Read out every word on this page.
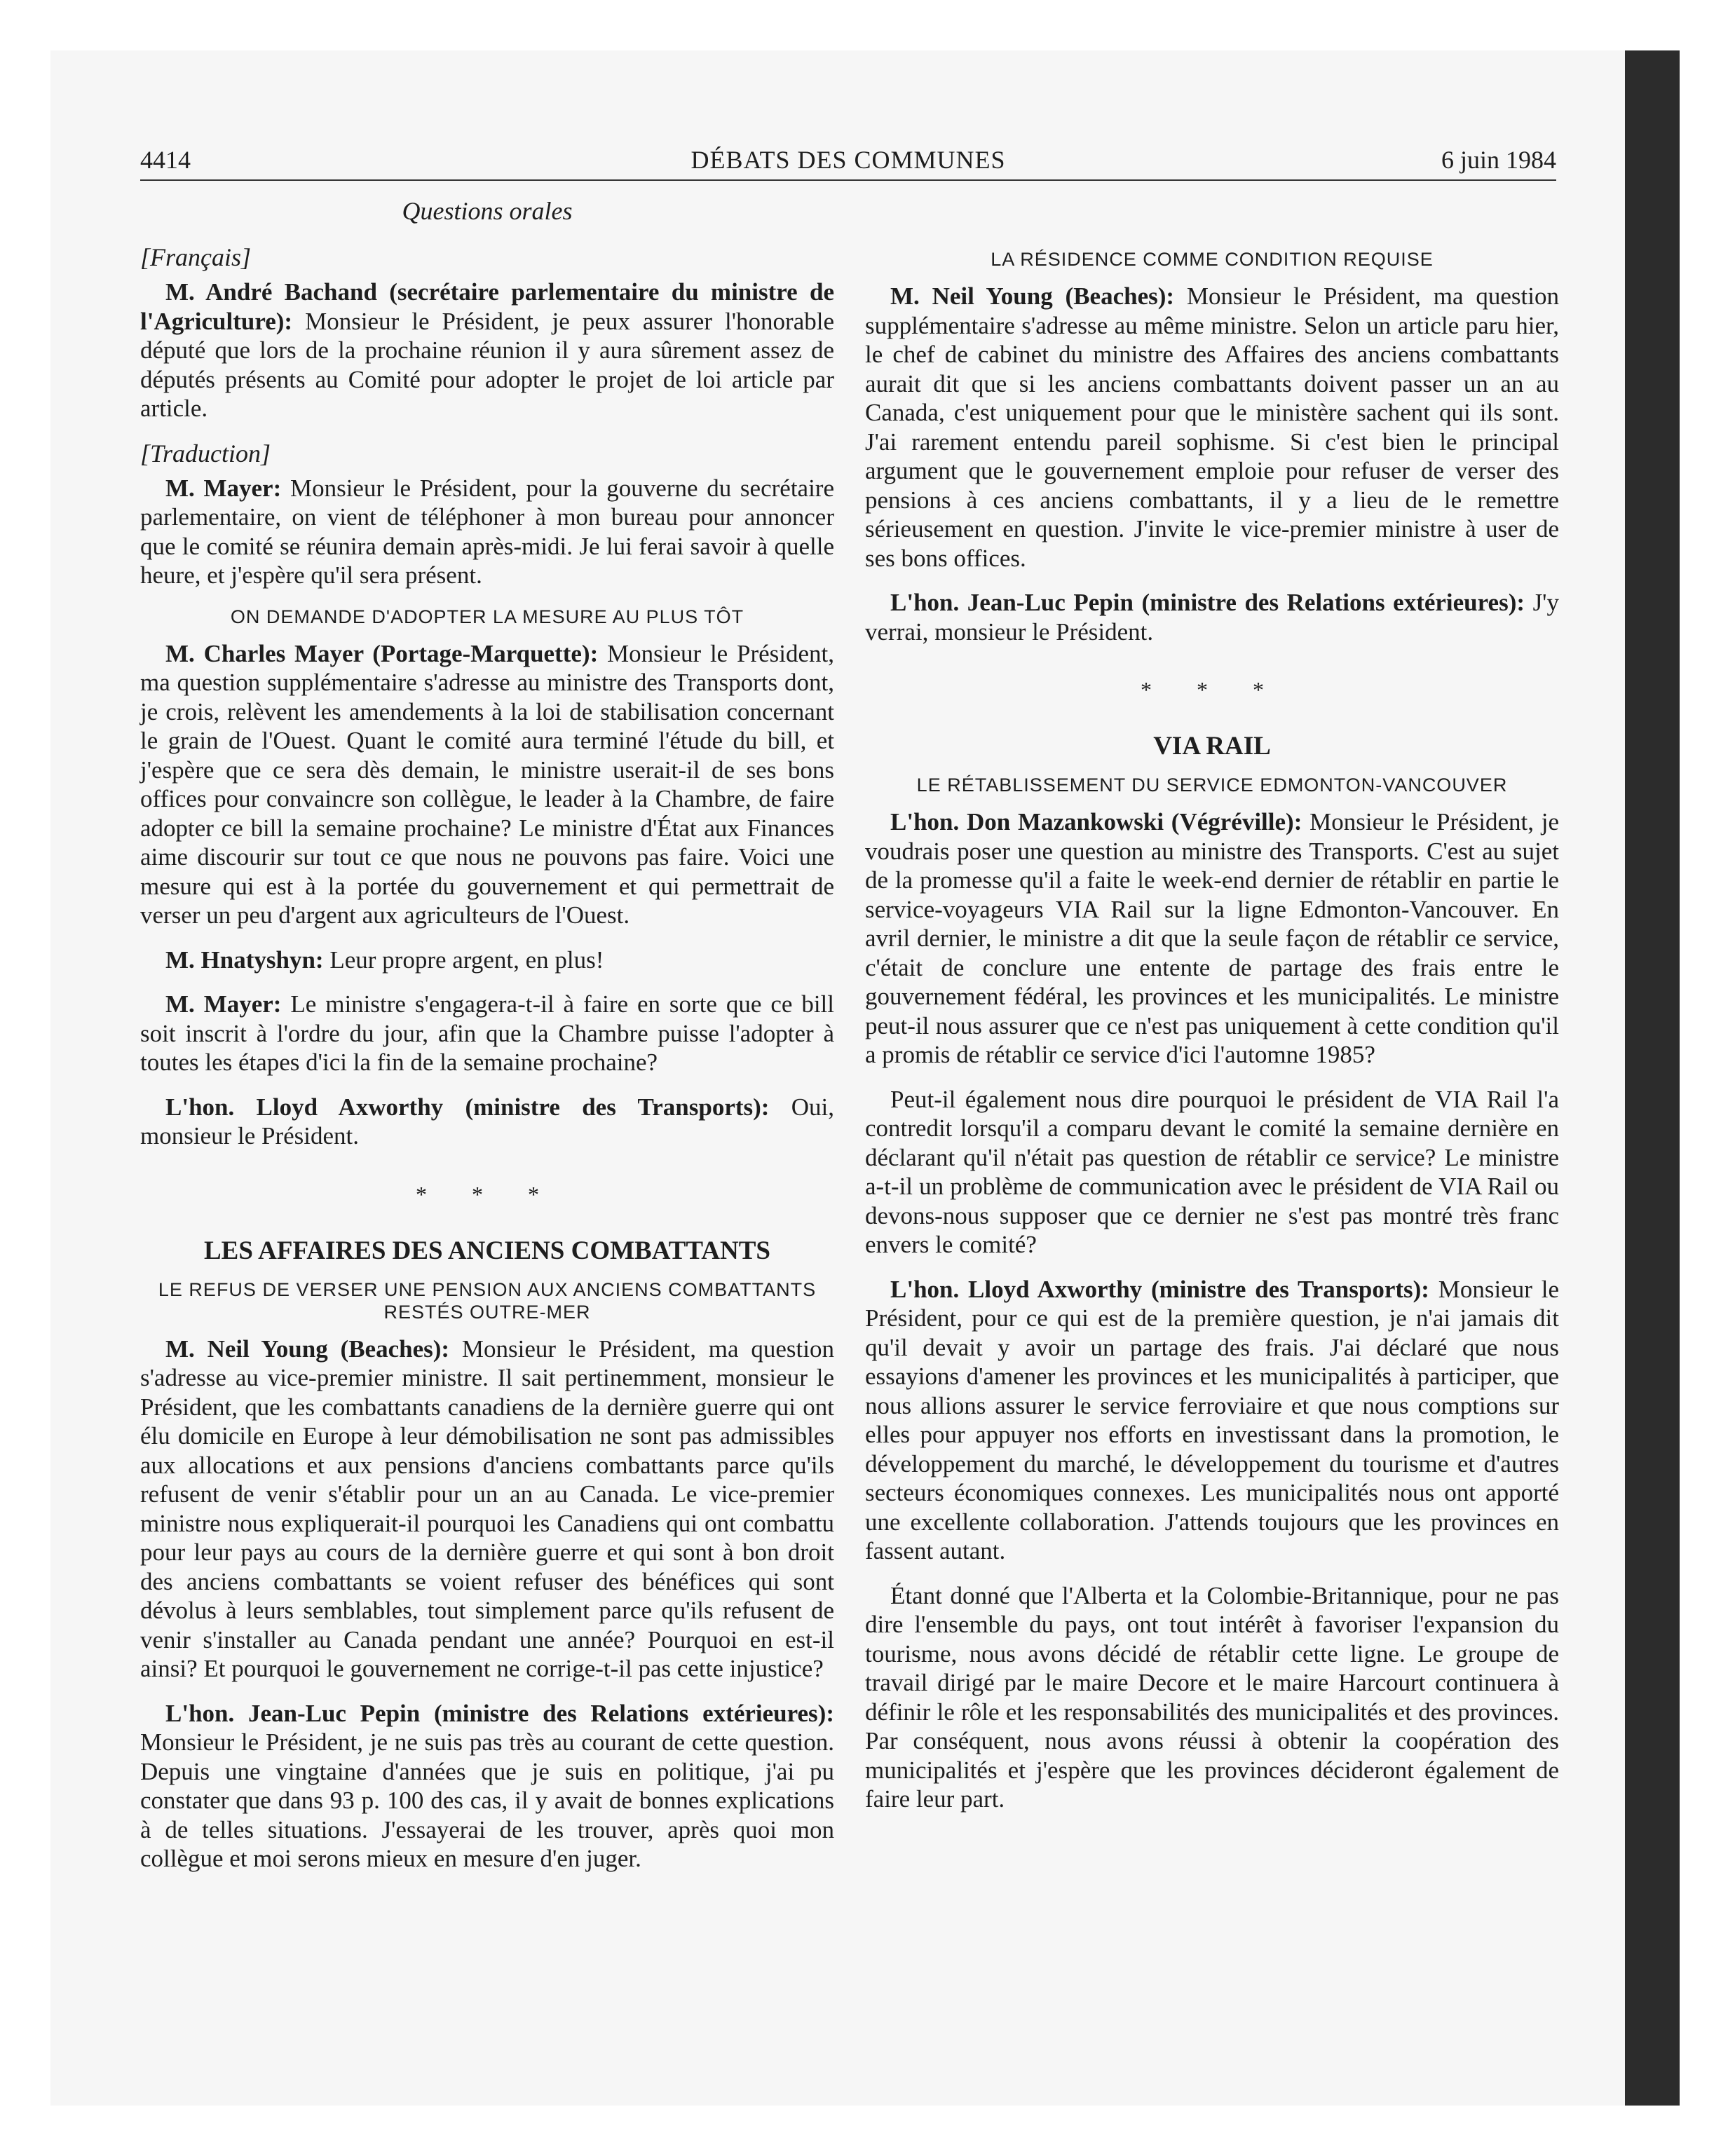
4414	DÉBATS DES COMMUNES	6 juin 1984
Questions orales
[Français]

M. André Bachand (secrétaire parlementaire du ministre de l'Agriculture): Monsieur le Président, je peux assurer l'honorable député que lors de la prochaine réunion il y aura sûrement assez de députés présents au Comité pour adopter le projet de loi article par article.

[Traduction]

M. Mayer: Monsieur le Président, pour la gouverne du secrétaire parlementaire, on vient de téléphoner à mon bureau pour annoncer que le comité se réunira demain après-midi. Je lui ferai savoir à quelle heure, et j'espère qu'il sera présent.

ON DEMANDE D'ADOPTER LA MESURE AU PLUS TÔT

M. Charles Mayer (Portage-Marquette): Monsieur le Président, ma question supplémentaire s'adresse au ministre des Transports dont, je crois, relèvent les amendements à la loi de stabilisation concernant le grain de l'Ouest. Quant le comité aura terminé l'étude du bill, et j'espère que ce sera dès demain, le ministre userait-il de ses bons offices pour convaincre son collègue, le leader à la Chambre, de faire adopter ce bill la semaine prochaine? Le ministre d'État aux Finances aime discourir sur tout ce que nous ne pouvons pas faire. Voici une mesure qui est à la portée du gouvernement et qui permettrait de verser un peu d'argent aux agriculteurs de l'Ouest.

M. Hnatyshyn: Leur propre argent, en plus!

M. Mayer: Le ministre s'engagera-t-il à faire en sorte que ce bill soit inscrit à l'ordre du jour, afin que la Chambre puisse l'adopter à toutes les étapes d'ici la fin de la semaine prochaine?

L'hon. Lloyd Axworthy (ministre des Transports): Oui, monsieur le Président.

* * *
LES AFFAIRES DES ANCIENS COMBATTANTS
LE REFUS DE VERSER UNE PENSION AUX ANCIENS COMBATTANTS RESTÉS OUTRE-MER

M. Neil Young (Beaches): Monsieur le Président, ma question s'adresse au vice-premier ministre. Il sait pertinemment, monsieur le Président, que les combattants canadiens de la dernière guerre qui ont élu domicile en Europe à leur démobilisation ne sont pas admissibles aux allocations et aux pensions d'anciens combattants parce qu'ils refusent de venir s'établir pour un an au Canada. Le vice-premier ministre nous expliquerait-il pourquoi les Canadiens qui ont combattu pour leur pays au cours de la dernière guerre et qui sont à bon droit des anciens combattants se voient refuser des bénéfices qui sont dévolus à leurs semblables, tout simplement parce qu'ils refusent de venir s'installer au Canada pendant une année? Pourquoi en est-il ainsi? Et pourquoi le gouvernement ne corrige-t-il pas cette injustice?

L'hon. Jean-Luc Pepin (ministre des Relations extérieures): Monsieur le Président, je ne suis pas très au courant de cette question. Depuis une vingtaine d'années que je suis en politique, j'ai pu constater que dans 93 p. 100 des cas, il y avait de bonnes explications à de telles situations. J'essayerai de les trouver, après quoi mon collègue et moi serons mieux en mesure d'en juger.

LA RÉSIDENCE COMME CONDITION REQUISE

M. Neil Young (Beaches): Monsieur le Président, ma question supplémentaire s'adresse au même ministre. Selon un article paru hier, le chef de cabinet du ministre des Affaires des anciens combattants aurait dit que si les anciens combattants doivent passer un an au Canada, c'est uniquement pour que le ministère sachent qui ils sont. J'ai rarement entendu pareil sophisme. Si c'est bien le principal argument que le gouvernement emploie pour refuser de verser des pensions à ces anciens combattants, il y a lieu de le remettre sérieusement en question. J'invite le vice-premier ministre à user de ses bons offices.

L'hon. Jean-Luc Pepin (ministre des Relations extérieures): J'y verrai, monsieur le Président.

* * *
VIA RAIL
LE RÉTABLISSEMENT DU SERVICE EDMONTON-VANCOUVER

L'hon. Don Mazankowski (Végréville): Monsieur le Président, je voudrais poser une question au ministre des Transports. C'est au sujet de la promesse qu'il a faite le week-end dernier de rétablir en partie le service-voyageurs VIA Rail sur la ligne Edmonton-Vancouver. En avril dernier, le ministre a dit que la seule façon de rétablir ce service, c'était de conclure une entente de partage des frais entre le gouvernement fédéral, les provinces et les municipalités. Le ministre peut-il nous assurer que ce n'est pas uniquement à cette condition qu'il a promis de rétablir ce service d'ici l'automne 1985?

Peut-il également nous dire pourquoi le président de VIA Rail l'a contredit lorsqu'il a comparu devant le comité la semaine dernière en déclarant qu'il n'était pas question de rétablir ce service? Le ministre a-t-il un problème de communication avec le président de VIA Rail ou devons-nous supposer que ce dernier ne s'est pas montré très franc envers le comité?

L'hon. Lloyd Axworthy (ministre des Transports): Monsieur le Président, pour ce qui est de la première question, je n'ai jamais dit qu'il devait y avoir un partage des frais. J'ai déclaré que nous essayions d'amener les provinces et les municipalités à participer, que nous allions assurer le service ferroviaire et que nous comptions sur elles pour appuyer nos efforts en investissant dans la promotion, le développement du marché, le développement du tourisme et d'autres secteurs économiques connexes. Les municipalités nous ont apporté une excellente collaboration. J'attends toujours que les provinces en fassent autant.

Étant donné que l'Alberta et la Colombie-Britannique, pour ne pas dire l'ensemble du pays, ont tout intérêt à favoriser l'expansion du tourisme, nous avons décidé de rétablir cette ligne. Le groupe de travail dirigé par le maire Decore et le maire Harcourt continuera à définir le rôle et les responsabilités des municipalités et des provinces. Par conséquent, nous avons réussi à obtenir la coopération des municipalités et j'espère que les provinces décideront également de faire leur part.
